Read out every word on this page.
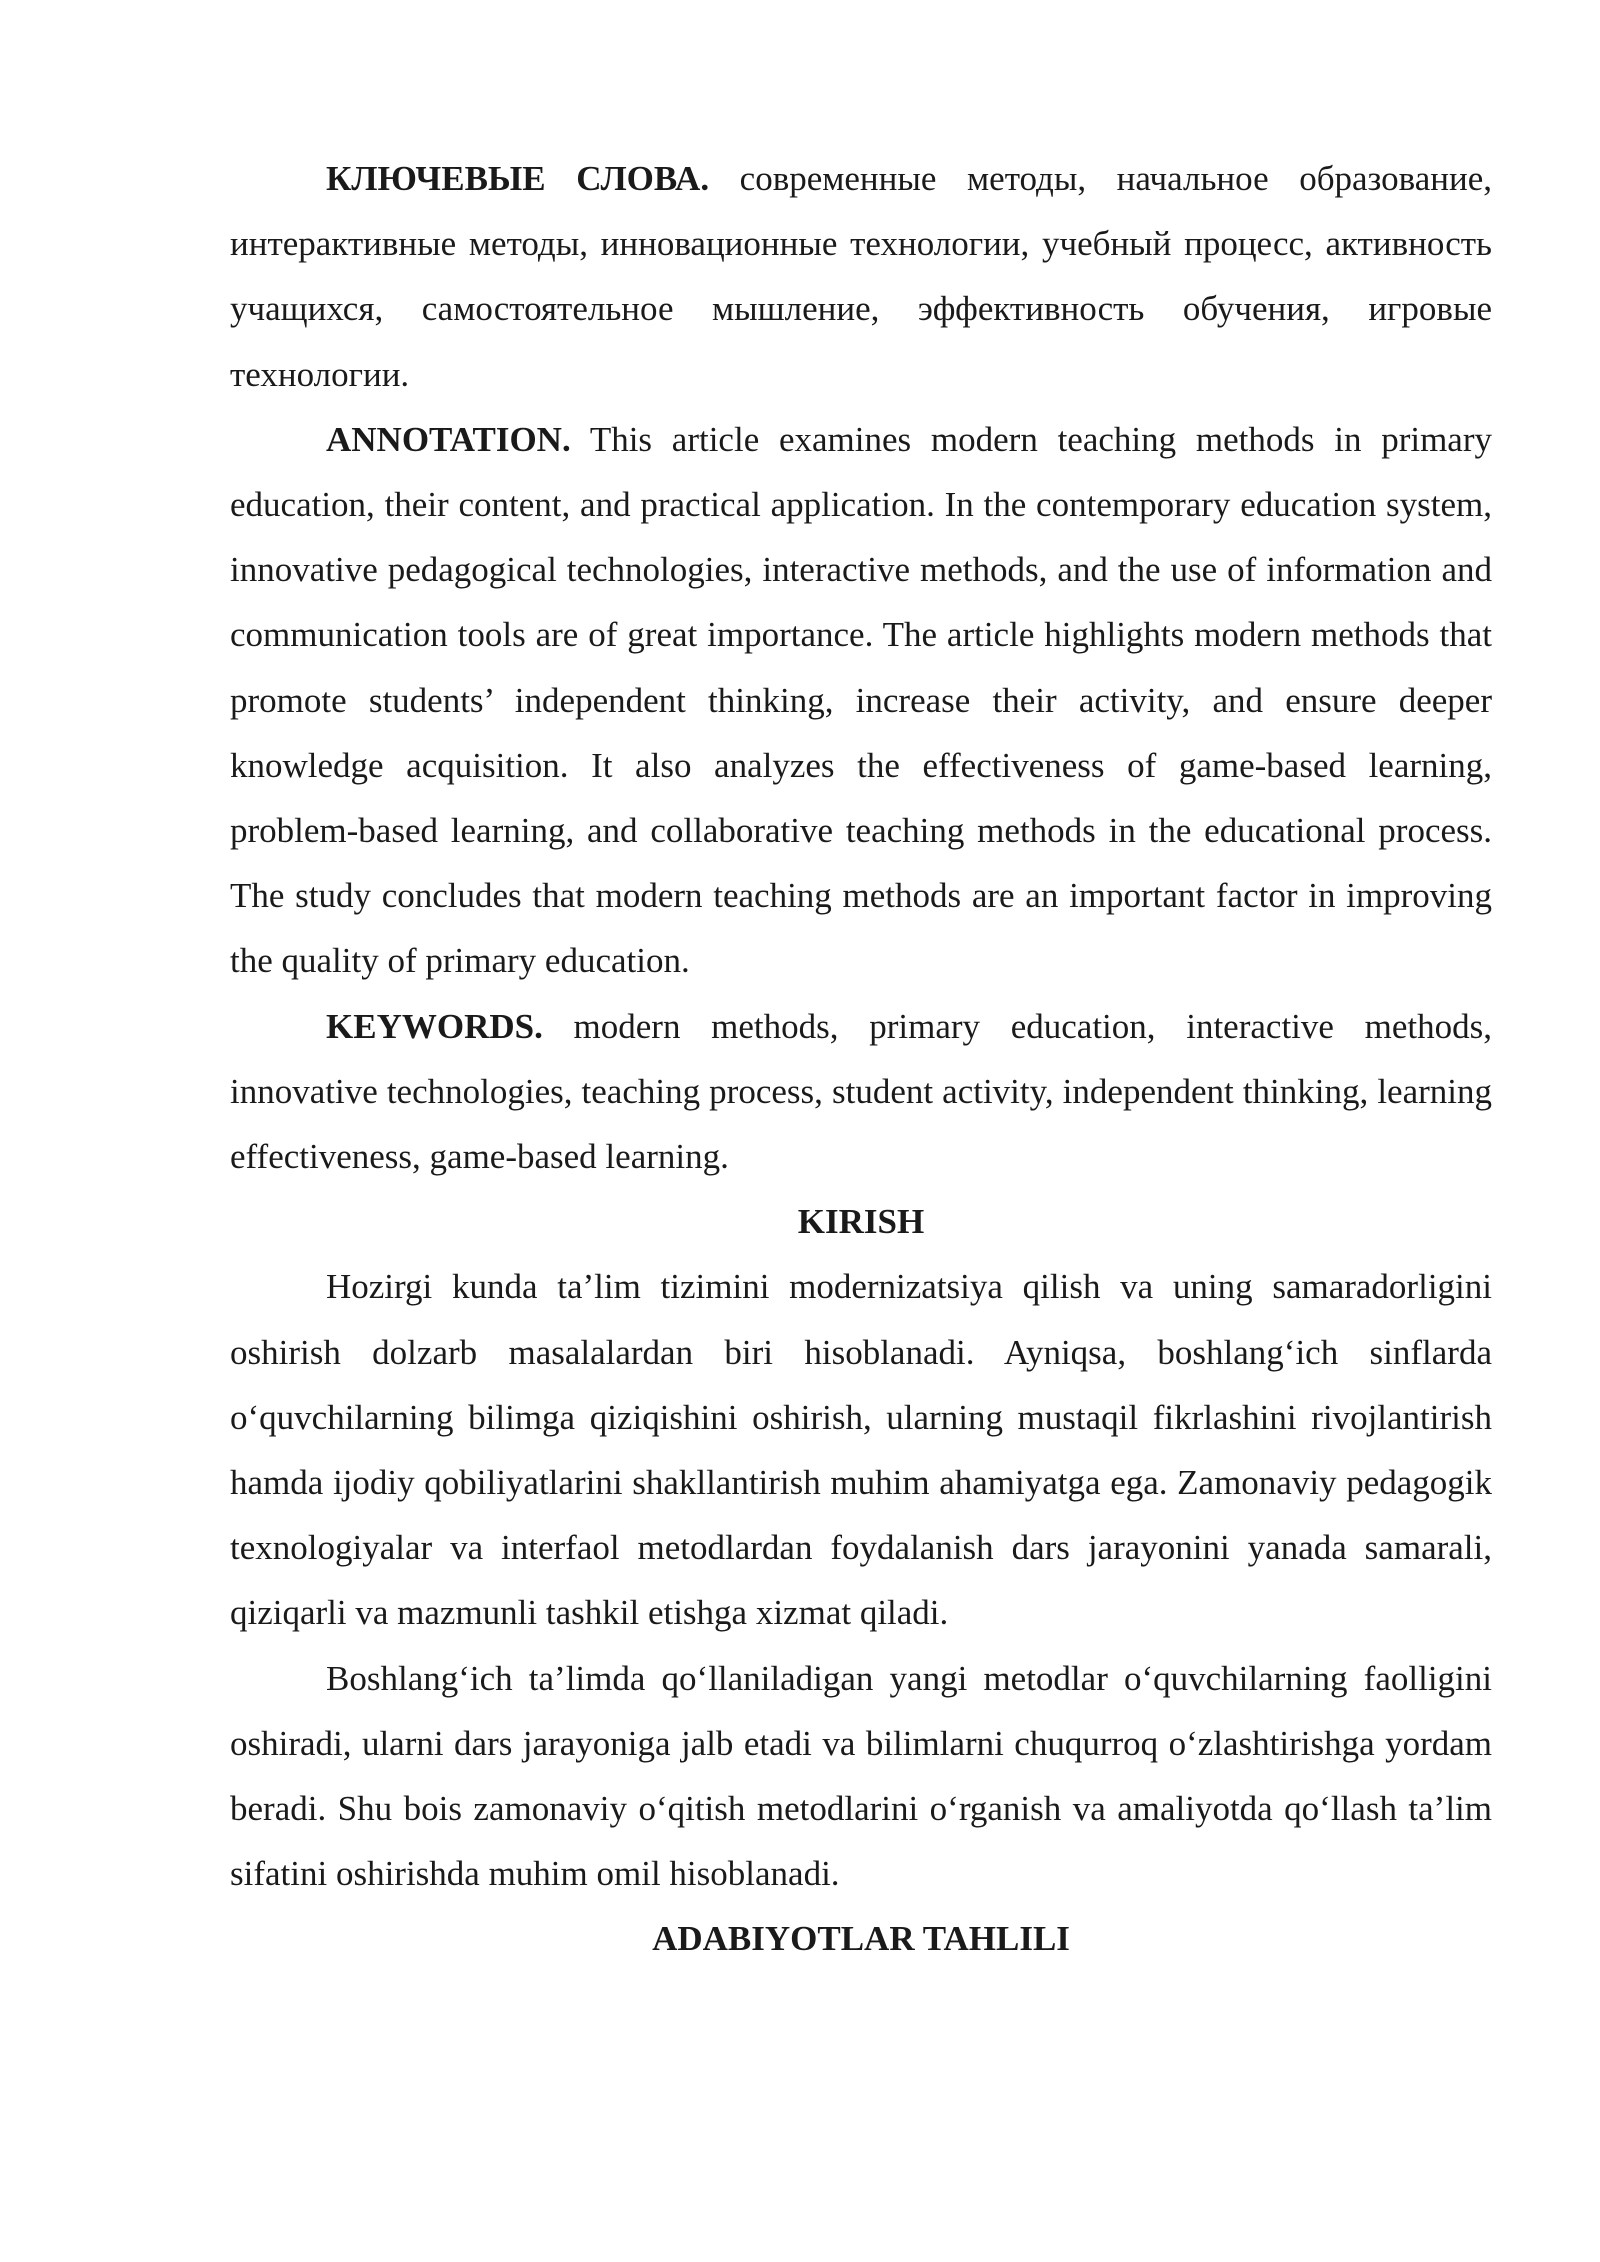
КЛЮЧЕВЫЕ СЛОВА. современные методы, начальное образование, интерактивные методы, инновационные технологии, учебный процесс, активность учащихся, самостоятельное мышление, эффективность обучения, игровые технологии.

ANNOTATION. This article examines modern teaching methods in primary education, their content, and practical application. In the contemporary education system, innovative pedagogical technologies, interactive methods, and the use of information and communication tools are of great importance. The article highlights modern methods that promote students’ independent thinking, increase their activity, and ensure deeper knowledge acquisition. It also analyzes the effectiveness of game-based learning, problem-based learning, and collaborative teaching methods in the educational process. The study concludes that modern teaching methods are an important factor in improving the quality of primary education.

KEYWORDS. modern methods, primary education, interactive methods, innovative technologies, teaching process, student activity, independent thinking, learning effectiveness, game-based learning.

KIRISH

Hozirgi kunda ta’lim tizimini modernizatsiya qilish va uning samaradorligini oshirish dolzarb masalalardan biri hisoblanadi. Ayniqsa, boshlang‘ich sinflarda o‘quvchilarning bilimga qiziqishini oshirish, ularning mustaqil fikrlashini rivojlantirish hamda ijodiy qobiliyatlarini shakllantirish muhim ahamiyatga ega. Zamonaviy pedagogik texnologiyalar va interfaol metodlardan foydalanish dars jarayonini yanada samarali, qiziqarli va mazmunli tashkil etishga xizmat qiladi.

Boshlang‘ich ta’limda qo‘llaniladigan yangi metodlar o‘quvchilarning faolligini oshiradi, ularni dars jarayoniga jalb etadi va bilimlarni chuqurroq o‘zlashtirishga yordam beradi. Shu bois zamonaviy o‘qitish metodlarini o‘rganish va amaliyotda qo‘llash ta’lim sifatini oshirishda muhim omil hisoblanadi.

ADABIYOTLAR TAHLILI
